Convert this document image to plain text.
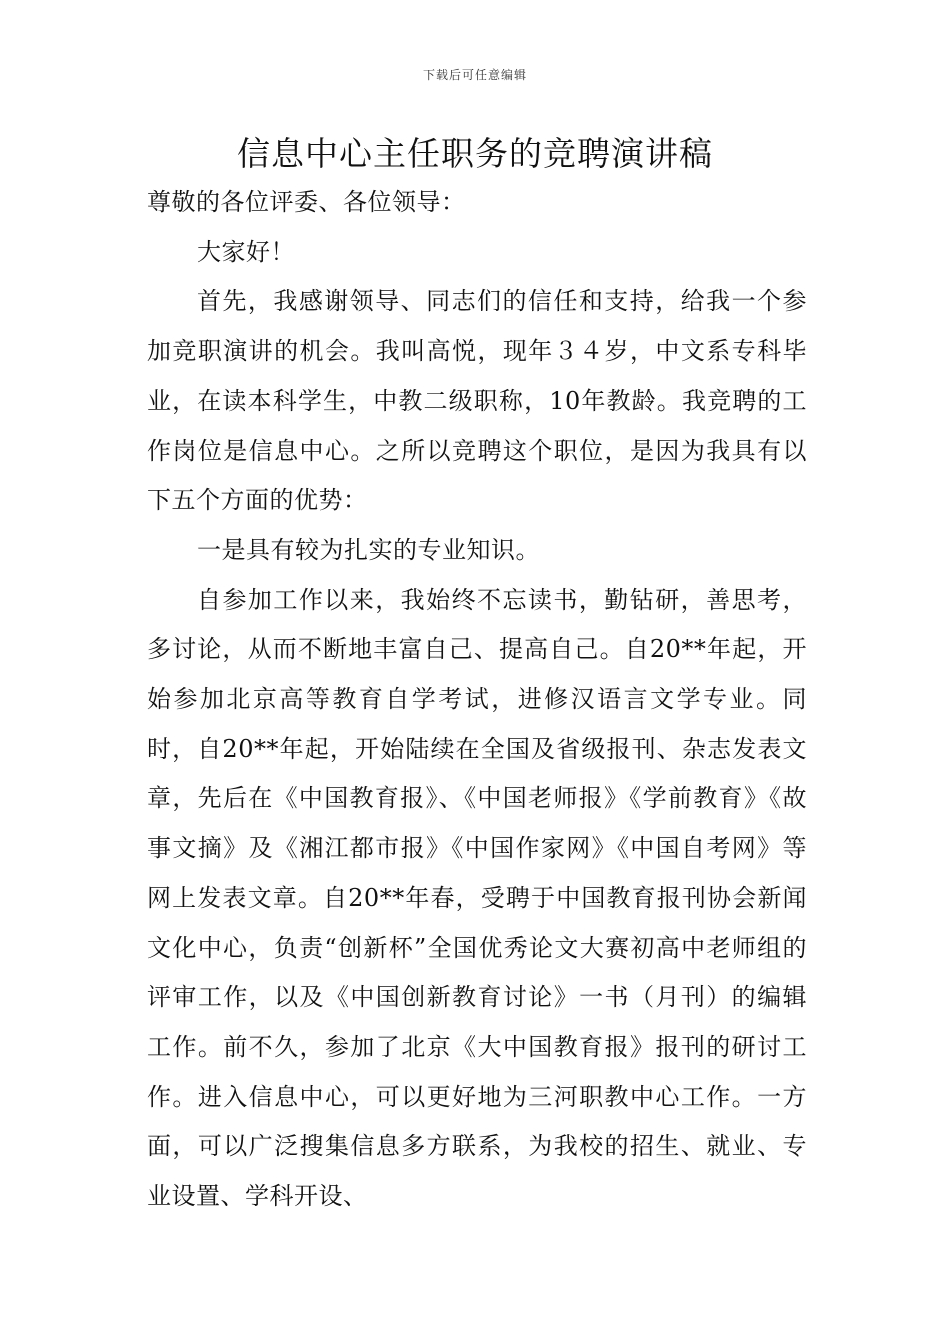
下载后可任意编辑
信息中心主任职务的竞聘演讲稿

尊敬的各位评委、各位领导：

大家好！

首先，我感谢领导、同志们的信任和支持，给我一个参加竞职演讲的机会。我叫高悦，现年３４岁，中文系专科毕业，在读本科学生，中教二级职称，10年教龄。我竞聘的工作岗位是信息中心。之所以竞聘这个职位，是因为我具有以下五个方面的优势：

一是具有较为扎实的专业知识。

自参加工作以来，我始终不忘读书，勤钻研，善思考，多讨论，从而不断地丰富自己、提高自己。自20**年起，开始参加北京高等教育自学考试，进修汉语言文学专业。同时，自20**年起，开始陆续在全国及省级报刊、杂志发表文章，先后在《中国教育报》、《中国老师报》《学前教育》《故事文摘》及《湘江都市报》《中国作家网》《中国自考网》等网上发表文章。自20**年春，受聘于中国教育报刊协会新闻文化中心，负责“创新杯”全国优秀论文大赛初高中老师组的评审工作，以及《中国创新教育讨论》一书（月刊）的编辑工作。前不久，参加了北京《大中国教育报》报刊的研讨工作。进入信息中心，可以更好地为三河职教中心工作。一方面，可以广泛搜集信息多方联系，为我校的招生、就业、专业设置、学科开设、
